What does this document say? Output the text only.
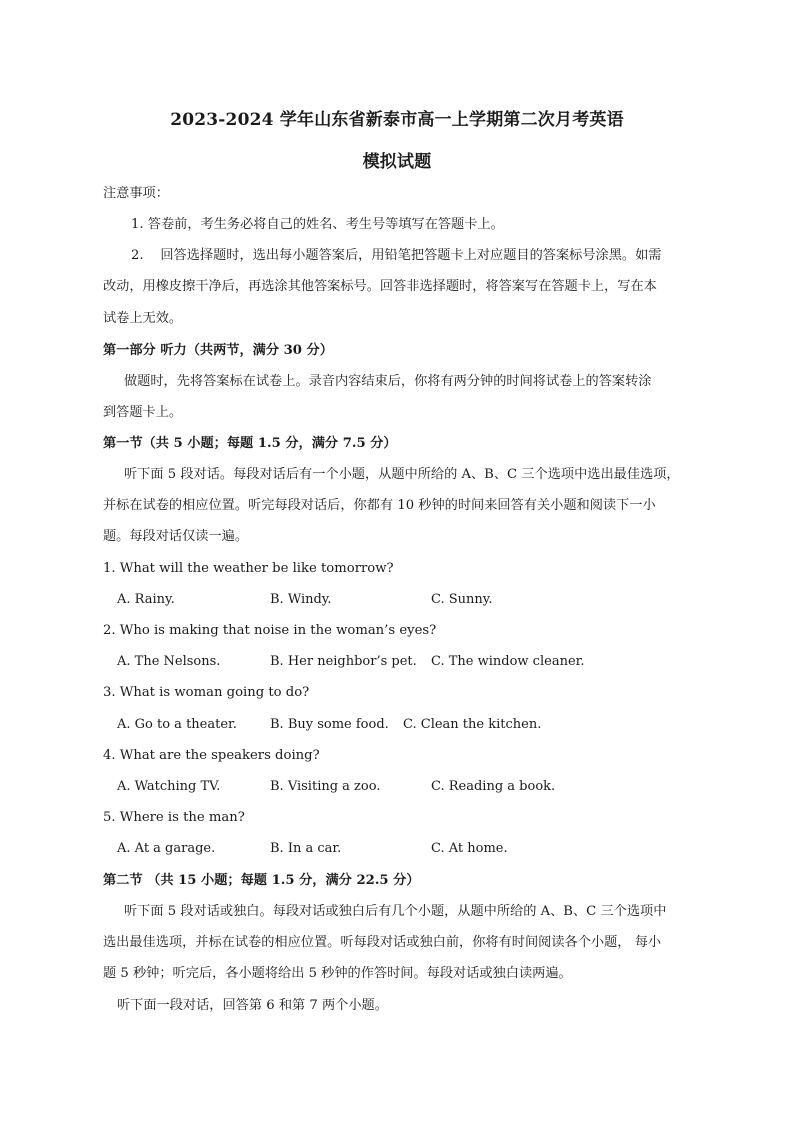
2023-2024 学年山东省新泰市高一上学期第二次月考英语
模拟试题
注意事项：
1. 答卷前，考生务必将自己的姓名、考生号等填写在答题卡上。
2.    回答选择题时，选出每小题答案后，用铅笔把答题卡上对应题目的答案标号涂黑。如需
改动，用橡皮擦干净后，再选涂其他答案标号。回答非选择题时，将答案写在答题卡上，写在本
试卷上无效。
第一部分 听力（共两节，满分 30 分）
做题时，先将答案标在试卷上。录音内容结束后，你将有两分钟的时间将试卷上的答案转涂
到答题卡上。
第一节（共 5 小题；每题 1.5 分，满分 7.5 分）
听下面 5 段对话。每段对话后有一个小题，从题中所给的 A、B、C 三个选项中选出最佳选项，
并标在试卷的相应位置。听完每段对话后，你都有 10 秒钟的时间来回答有关小题和阅读下一小
题。每段对话仅读一遍。
1. What will the weather be like tomorrow?
A. Rainy.	B. Windy.	C. Sunny.
2. Who is making that noise in the woman’s eyes?
A. The Nelsons.	B. Her neighbor’s pet. C. The window cleaner.
3. What is woman going to do?
A. Go to a theater.	B. Buy some food. C. Clean the kitchen.
4. What are the speakers doing?
A. Watching TV.	B. Visiting a zoo.	C. Reading a book.
5. Where is the man?
A. At a garage.	B. In a car.	C. At home.
第二节 （共 15 小题；每题 1.5 分，满分 22.5 分）
听下面 5 段对话或独白。每段对话或独白后有几个小题，从题中所给的 A、B、C 三个选项中
选出最佳选项，并标在试卷的相应位置。听每段对话或独白前，你将有时间阅读各个小题， 每小
题 5 秒钟；听完后，各小题将给出 5 秒钟的作答时间。每段对话或独白读两遍。
听下面一段对话，回答第 6 和第 7 两个小题。
